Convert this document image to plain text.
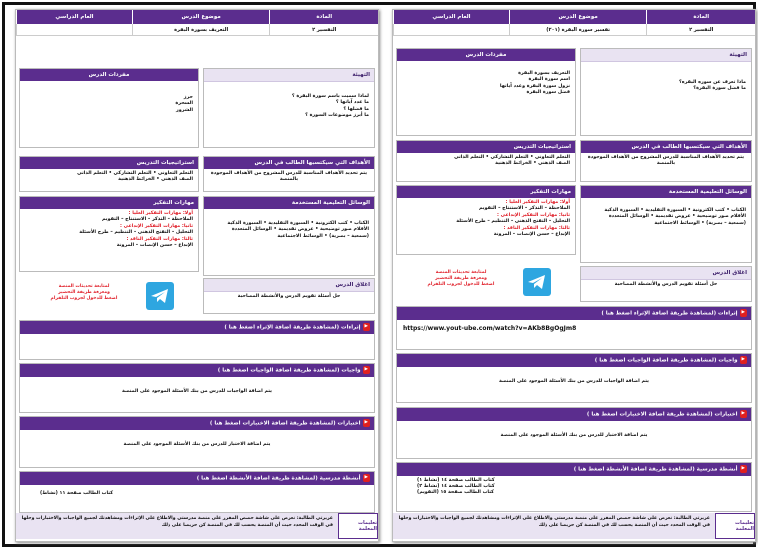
المادة
موضوع الدرس
العام الدراسي
التفسير ٢
تفسير سورة البقرة (٢٠١)
التهيئة
ماذا تعرف عن سوره البقره؟
ما فضل سورة البقرة؟
مفردات الدرس
التعريف بسورة البقرة
اسم سورة البقرة
نزول سورة البقرة وعدد آياتها
فضل سورة البقرة
الأهداف التي سيكتسبها الطالب في الدرس
يتم تحديد الأهداف المناسبة للدرس المشروح من الأهداف الموجودة بالمنصة
استراتيجيات التدريس
التعلم التعاوني • التعلم التشاركي • التعلم الذاتي
الصف الذهني • الخرائط الذهنية
الوسائل التعليمية المستخدمة
الكتاب • كتب الكترونية • السبورة التقليدية • السبورة الذكية
الأقلام صور توضيحية • عروض تقديمية • الوسائل المتعددة
(سمعية – بصرية) • الوسائط الاجتماعية
مهارات التفكير
أولا: مهارات التفكير العليا :
الملاحظة – التذكر – الاستنتاج – التقويم
ثانيا: مهارات التفكير الإبداعي :
التحليل – التفتح الذهني – التنظيم – طرح الأسئلة
ثالثا: مهارات التفكير الناقد :
الإبداع – حسن الإنصات – المرونة
اغلاق الدرس
حل أسئلة تقويم الدرس والأنشطة المصاحبة
لمتابعة تحديثات المنصة
ومعرفة طريقة التحضير
اضغط للدخول لجروب التلقرام
▶إثراءات (لمشاهدة طريقة اضافة الإثراء اضغط هنا )
https://www.yout-ube.com/watch?v=AKb8BgOgJm8
▶واجبات (لمشاهدة طريقة اضافة الواجبات اضغط هنا )
يتم اضافة الواجبات للدرس من بنك الأسئلة الموجود على المنصة
▶اختبارات (لمشاهدة طريقة اضافة الاختبارات اضغط هنا )
يتم اضافة الاختبار للدرس من بنك الأسئلة الموجود على المنصة
▶أنشطة مدرسية (لمشاهدة طريقة اضافة الأنشطة اضغط هنا )
كتاب الطالب صفحة ١٤ (نشاط ١)
كتاب الطالب صفحة ١٤ (نشاط ٢)
كتاب الطالب صفحة ١٥ (التقويم)
تعليمات المعلمة
عزيزتي الطالبة: نعرض على شاشة حصص المقرر على منصة مدرستي والاطلاع على الإثراءات ومشاهدتك لجميع الواجبات والاختبارات وحلها في الوقت المحدد حيث أن المنصة يحسب لك في المنصة كن حريصا على ذلك
المادة
موضوع الدرس
العام الدراسي
التفسير ٢
التعريف بسورة البقرة
التهيئة
لماذا سميت باسم سورة البقرة ؟
ما عدد آياتها ؟
ما فضلها ؟
ما أبرز موضوعات السورة ؟
مفردات الدرس
حرز
السحرة
الشرور
الأهداف التي سيكتسبها الطالب في الدرس
يتم تحديد الأهداف المناسبة للدرس المشروح من الأهداف الموجودة بالمنصة
استراتيجيات التدريس
التعلم التعاوني • التعلم التشاركي • التعلم الذاتي
الصف الذهني • الخرائط الذهنية
الوسائل التعليمية المستخدمة
الكتاب • كتب الكترونية • السبورة التقليدية • السبورة الذكية
الأقلام صور توضيحية • عروض تقديمية • الوسائل المتعددة
(سمعية – بصرية) • الوسائط الاجتماعية
مهارات التفكير
أولا: مهارات التفكير العليا :
الملاحظة – التذكر – الاستنتاج – التقويم
ثانيا: مهارات التفكير الإبداعي :
التحليل – التفتح الذهني – التنظيم – طرح الأسئلة
ثالثا: مهارات التفكير الناقد :
الإبداع – حسن الإنصات – المرونة
اغلاق الدرس
حل أسئلة تقويم الدرس والأنشطة المصاحبة
لمتابعة تحديثات المنصة
ومعرفة طريقة التحضير
اضغط للدخول لجروب التلقرام
▶إثراءات (لمشاهدة طريقة اضافة الإثراء اضغط هنا )
▶واجبات (لمشاهدة طريقة اضافة الواجبات اضغط هنا )
يتم اضافة الواجبات للدرس من بنك الأسئلة الموجود على المنصة
▶اختبارات (لمشاهدة طريقة اضافة الاختبارات اضغط هنا )
يتم اضافة الاختبار للدرس من بنك الأسئلة الموجود على المنصة
▶أنشطة مدرسية (لمشاهدة طريقة اضافة الأنشطة اضغط هنا )
كتاب الطالب صفحة ١١ (نشاط)
تعليمات المعلمة
عزيزتي الطالبة: نعرض على شاشة حصص المقرر على منصة مدرستي والاطلاع على الإثراءات ومشاهدتك لجميع الواجبات والاختبارات وحلها في الوقت المحدد حيث أن المنصة يحسب لك في المنصة كن حريصا على ذلك
